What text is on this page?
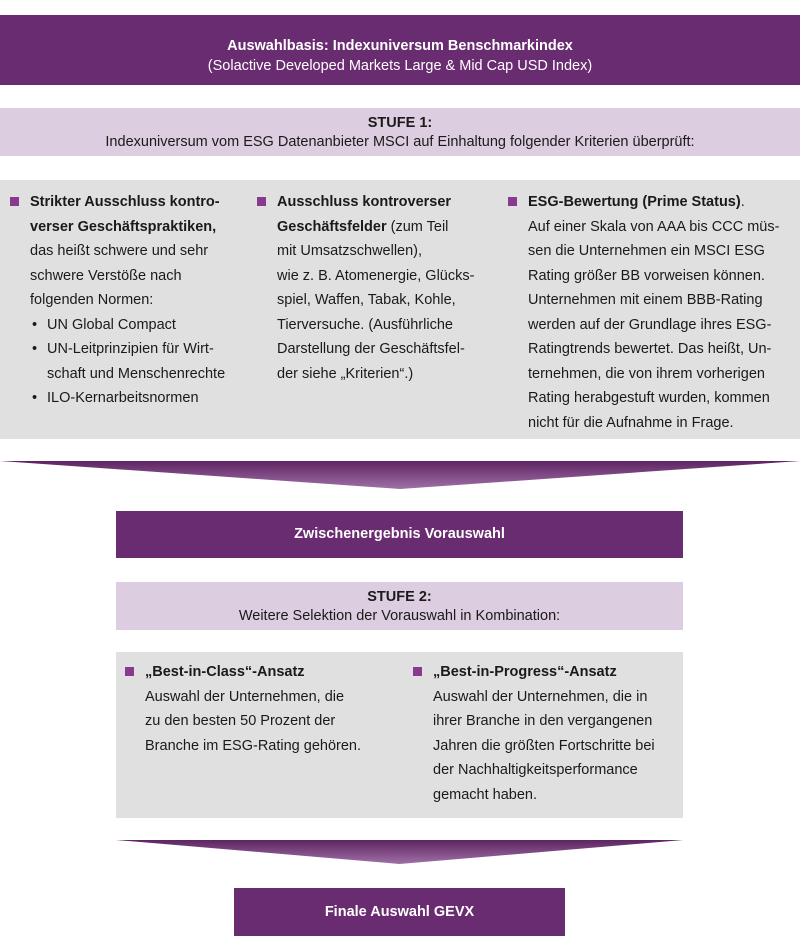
Auswahlbasis: Indexuniversum Benschmarkindex
(Solactive Developed Markets Large & Mid Cap USD Index)
STUFE 1:
Indexuniversum vom ESG Datenanbieter MSCI auf Einhaltung folgender Kriterien überprüft:
Strikter Ausschluss kontro-
verser Geschäftspraktiken,
das heißt schwere und sehr
schwere Verstöße nach
folgenden Normen:
• UN Global Compact
• UN-Leitprinzipien für Wirt-
schaft und Menschenrechte
• ILO-Kernarbeitsnormen
Ausschluss kontroverser
Geschäftsfelder (zum Teil
mit Umsatzschwellen),
wie z. B. Atomenergie, Glücks-
spiel, Waffen, Tabak, Kohle,
Tierversuche. (Ausführliche
Darstellung der Geschäftsfel-
der siehe „Kriterien“.)
ESG-Bewertung (Prime Status).
Auf einer Skala von AAA bis CCC müs-
sen die Unternehmen ein MSCI ESG
Rating größer BB vorweisen können.
Unternehmen mit einem BBB-Rating
werden auf der Grundlage ihres ESG-
Ratingtrends bewertet. Das heißt, Un-
ternehmen, die von ihrem vorherigen
Rating herabgestuft wurden, kommen
nicht für die Aufnahme in Frage.
Zwischenergebnis Vorauswahl
STUFE 2:
Weitere Selektion der Vorauswahl in Kombination:
„Best-in-Class“-Ansatz
Auswahl der Unternehmen, die
zu den besten 50 Prozent der
Branche im ESG-Rating gehören.
„Best-in-Progress“-Ansatz
Auswahl der Unternehmen, die in
ihrer Branche in den vergangenen
Jahren die größten Fortschritte bei
der Nachhaltigkeitsperformance
gemacht haben.
Finale Auswahl GEVX
